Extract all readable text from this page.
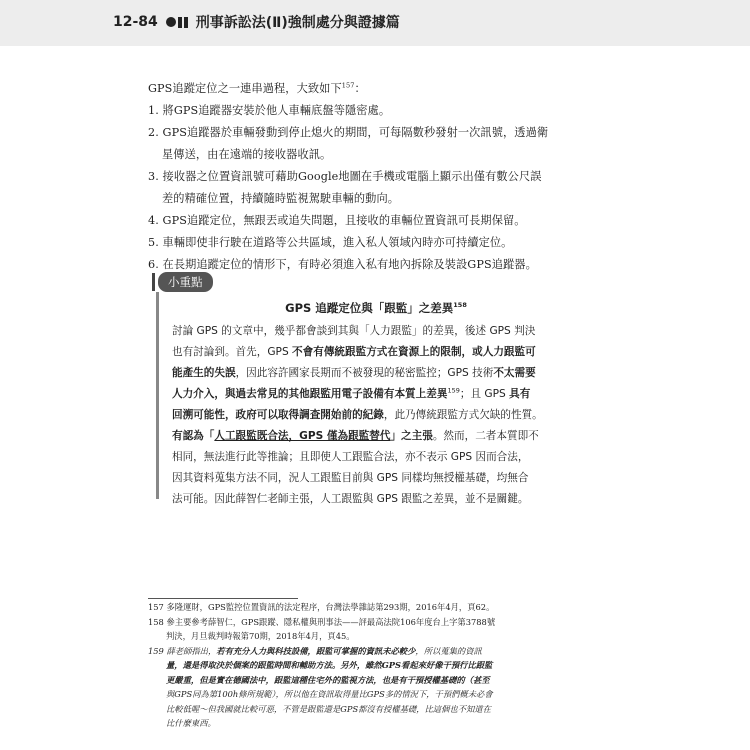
12-84	刑事訴訟法(Ⅱ)強制處分與證據篇
GPS追蹤定位之一連串過程，大致如下$^{157}$：
1. 將GPS追蹤器安裝於他人車輛底盤等隱密處。
2. GPS追蹤器於車輛發動到停止熄火的期間，可每隔數秒發射一次訊號，透過衛
星傳送，由在遠端的接收器收訊。
3. 接收器之位置資訊號可藉助Google地圖在手機或電腦上顯示出僅有數公尺誤
差的精確位置，持續隨時監視駕駛車輛的動向。
4. GPS追蹤定位，無跟丟或追失問題，且接收的車輛位置資訊可長期保留。
5. 車輛即使非行駛在道路等公共區域，進入私人領域內時亦可持續定位。
6. 在長期追蹤定位的情形下，有時必須進入私有地內拆除及裝設GPS追蹤器。
小重點
GPS 追蹤定位與「跟監」之差異$^{158}$
討論 GPS 的文章中，幾乎都會談到其與「人力跟監」的差異，後述 GPS 判決
也有討論到。首先，GPS 不會有傳統跟監方式在資源上的限制，或人力跟監可
能產生的失誤，因此容許國家長期而不被發現的秘密監控；GPS 技術不太需要
人力介入，與過去常見的其他跟監用電子設備有本質上差異$^{159}$；且 GPS 具有
回溯可能性，政府可以取得調查開始前的紀錄，此乃傳統跟監方式欠缺的性質。
有認為「人工跟監既合法，GPS 僅為跟監替代」之主張。然而，二者本質即不
相同，無法進行此等推論；且即使人工跟監合法，亦不表示 GPS 因而合法，
因其資料蒐集方法不同，況人工跟監目前與 GPS 同樣均無授權基礎，均無合
法可能。因此薛智仁老師主張，人工跟監與 GPS 跟監之差異，並不是關鍵。
157 多隆運財，GPS監控位置資訊的法定程序，台灣法學雜誌第293期，2016年4月，頁62。
158 參主要參考薛智仁，GPS跟蹤、隱私權與刑事法——評最高法院106年度台上字第3788號
判決，月旦裁判時報第70期，2018年4月，頁45。
159 薛老師指出，若有充分人力與科技設備，跟監可掌握的資訊未必較少，所以蒐集的資訊
量，還是得取決於個案的跟監時間和輔助方法。另外，雖然GPS看起來好像干預行比跟監
更嚴重，但是實在德國法中，跟監這種住宅外的監視方法，也是有干預授權基礎的（甚至
與GPS同為第100h條所規範），所以他在資訊取得量比GPS多的情況下，干預們概未必會
比較低喔～但我國就比較可惡，不管是跟監還是GPS都沒有授權基礎，比這個也不知道在
比什麼東西。
